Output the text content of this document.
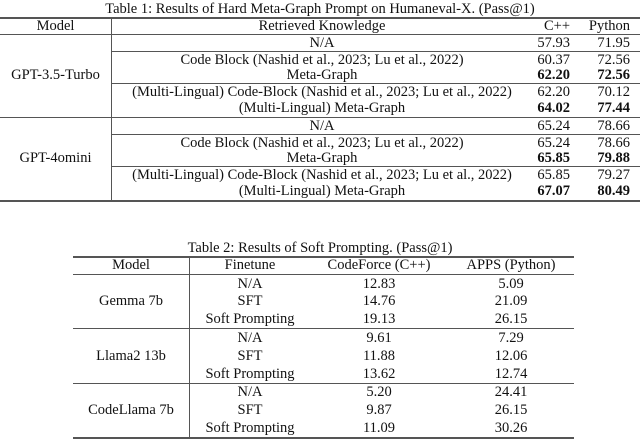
Table 1: Results of Hard Meta-Graph Prompt on Humaneval-X. (Pass@1)
Model	Retrieved Knowledge	C++	Python
GPT-3.5-Turbo
N/A	57.93	71.95
Code Block (Nashid et al., 2023; Lu et al., 2022)	60.37	72.56
Meta-Graph	62.20	72.56
(Multi-Lingual) Code-Block (Nashid et al., 2023; Lu et al., 2022)	62.20	70.12
(Multi-Lingual) Meta-Graph	64.02	77.44
GPT-4omini
N/A	65.24	78.66
Code Block (Nashid et al., 2023; Lu et al., 2022)	65.24	78.66
Meta-Graph	65.85	79.88
(Multi-Lingual) Code-Block (Nashid et al., 2023; Lu et al., 2022)	65.85	79.27
(Multi-Lingual) Meta-Graph	67.07	80.49
Table 2: Results of Soft Prompting. (Pass@1)
Model	Finetune	CodeForce (C++)	APPS (Python)
Gemma 7b
N/A	12.83	5.09
SFT	14.76	21.09
Soft Prompting	19.13	26.15
Llama2 13b
N/A	9.61	7.29
SFT	11.88	12.06
Soft Prompting	13.62	12.74
CodeLlama 7b
N/A	5.20	24.41
SFT	9.87	26.15
Soft Prompting	11.09	30.26
